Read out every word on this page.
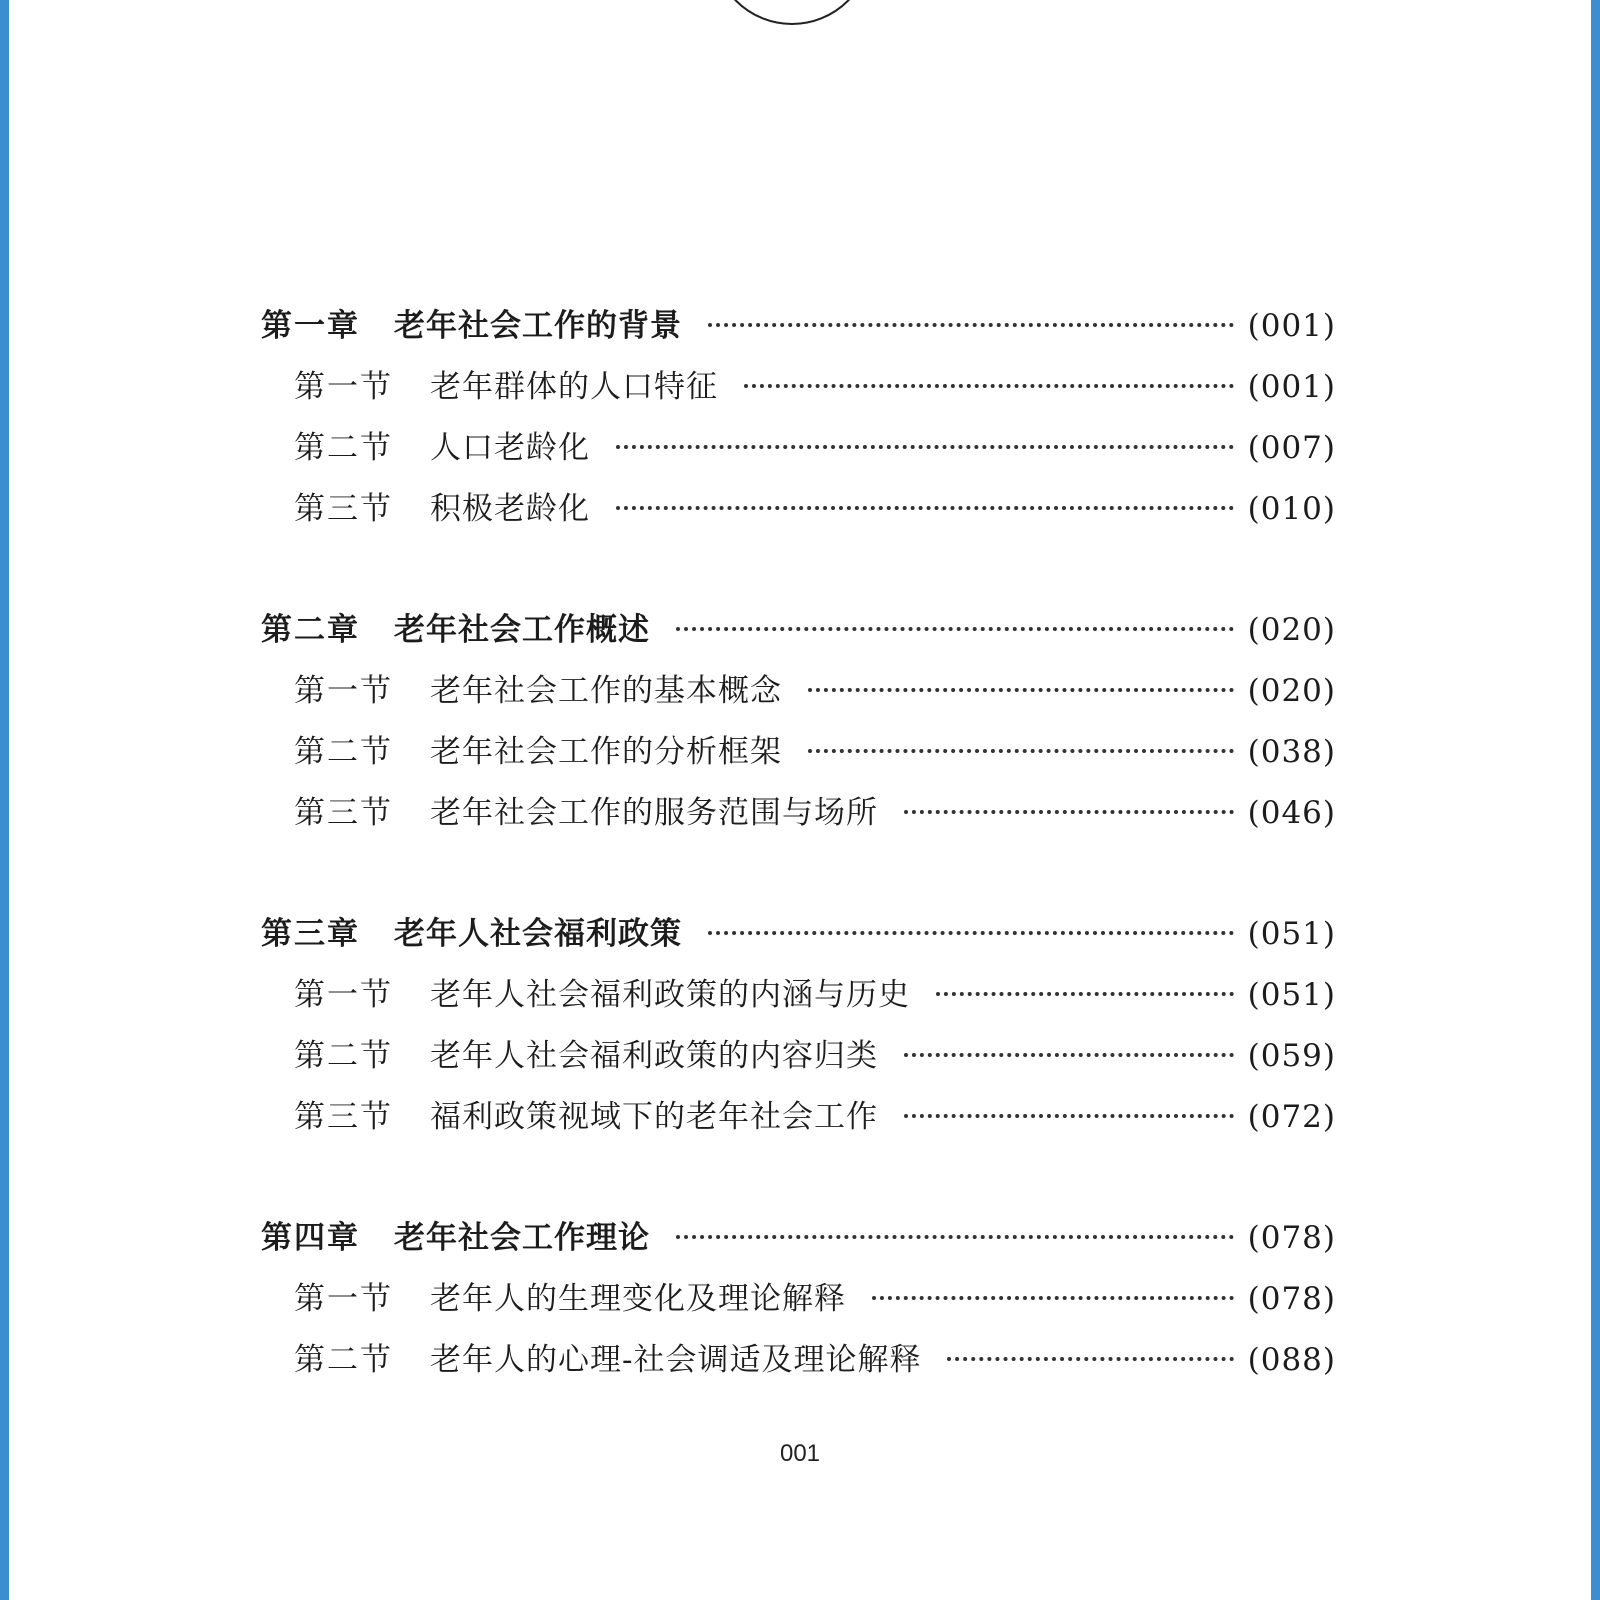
第一章	老年社会工作的背景	(001)
第一节	老年群体的人口特征	(001)
第二节	人口老龄化	(007)
第三节	积极老龄化	(010)
第二章	老年社会工作概述	(020)
第一节	老年社会工作的基本概念	(020)
第二节	老年社会工作的分析框架	(038)
第三节	老年社会工作的服务范围与场所	(046)
第三章	老年人社会福利政策	(051)
第一节	老年人社会福利政策的内涵与历史	(051)
第二节	老年人社会福利政策的内容归类	(059)
第三节	福利政策视域下的老年社会工作	(072)
第四章	老年社会工作理论	(078)
第一节	老年人的生理变化及理论解释	(078)
第二节	老年人的心理-社会调适及理论解释	(088)
001
